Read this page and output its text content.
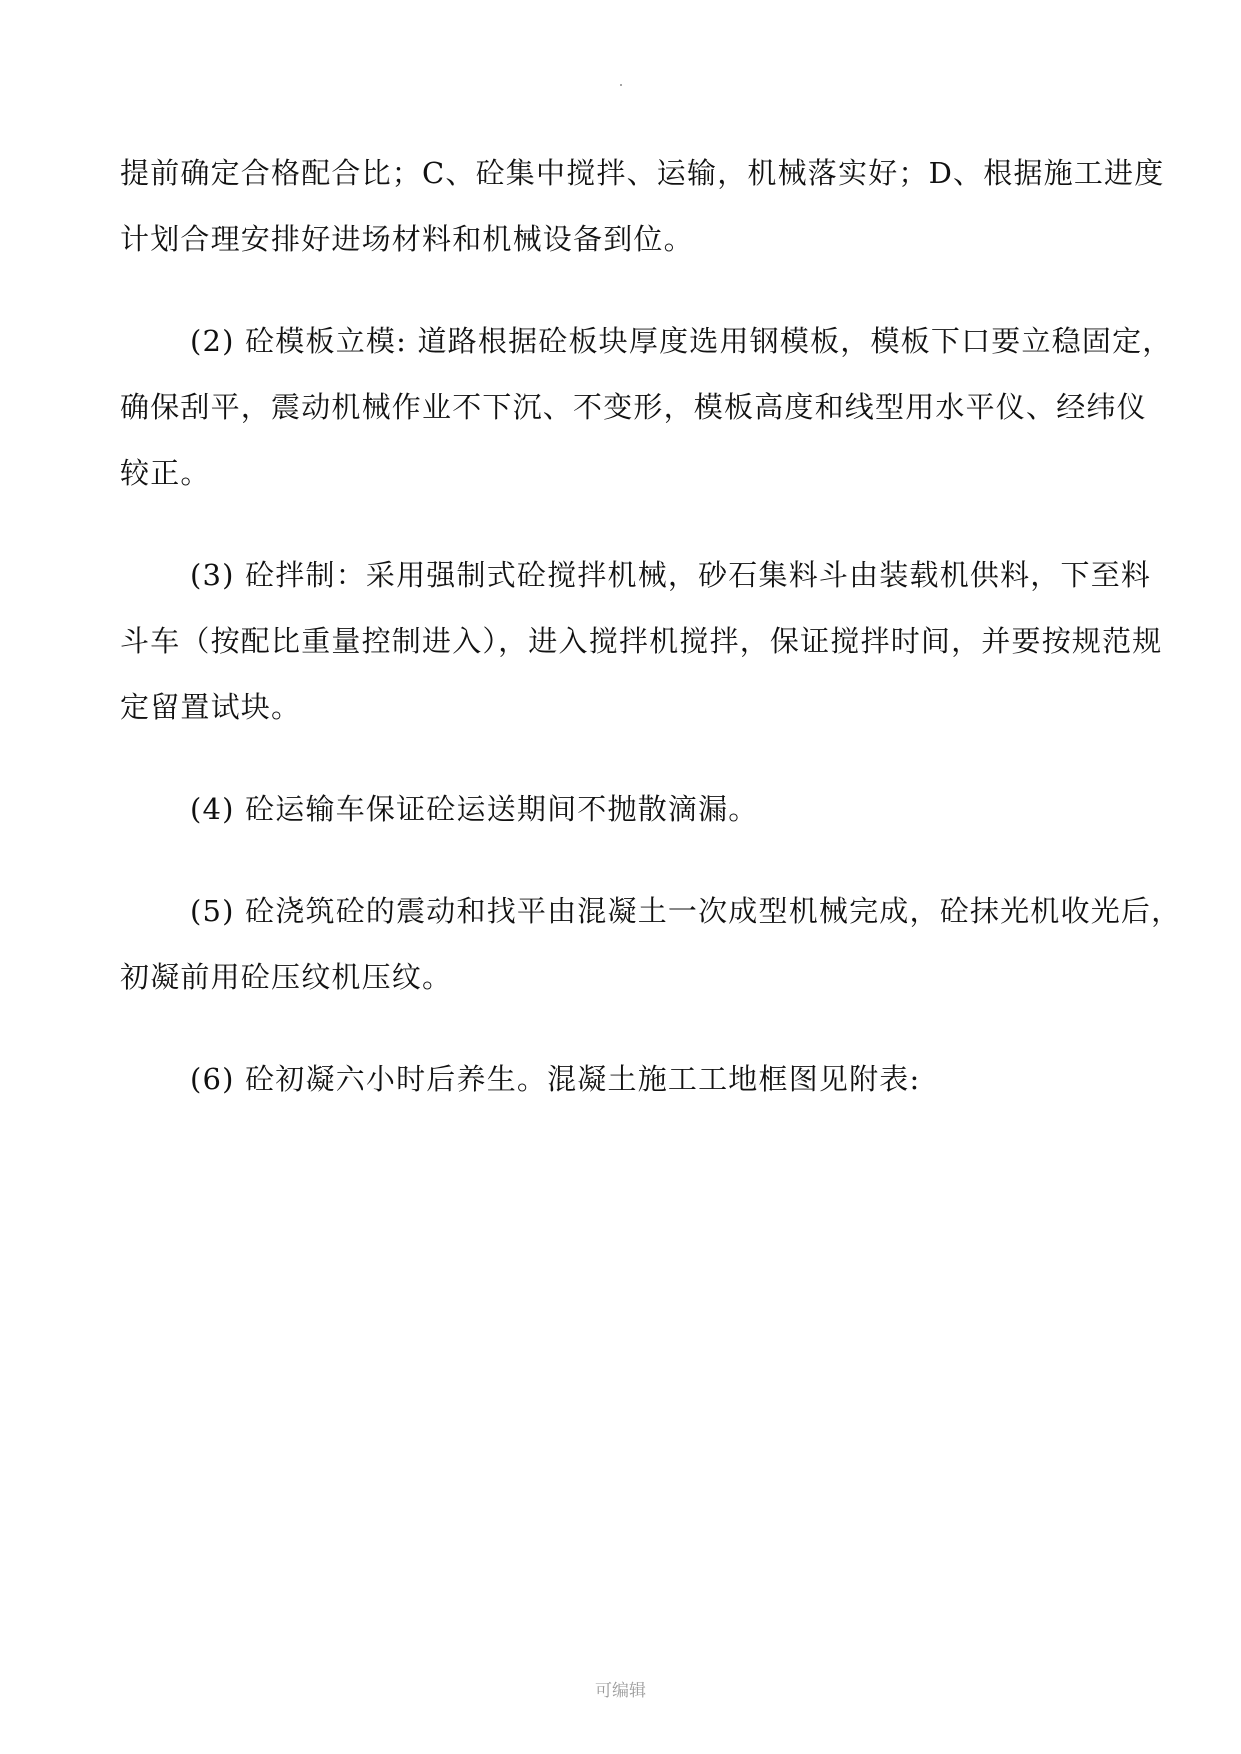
提前确定合格配合比；C、砼集中搅拌、运输，机械落实好；D、根据施工进度
计划合理安排好进场材料和机械设备到位。
(2) 砼模板立模: 道路根据砼板块厚度选用钢模板，模板下口要立稳固定，
确保刮平，震动机械作业不下沉、不变形，模板高度和线型用水平仪、经纬仪
较正。
(3) 砼拌制：采用强制式砼搅拌机械，砂石集料斗由装载机供料，下至料
斗车（按配比重量控制进入），进入搅拌机搅拌，保证搅拌时间，并要按规范规
定留置试块。
(4) 砼运输车保证砼运送期间不抛散滴漏。
(5) 砼浇筑砼的震动和找平由混凝土一次成型机械完成，砼抹光机收光后，
初凝前用砼压纹机压纹。
(6) 砼初凝六小时后养生。混凝土施工工地框图见附表:
可编辑
